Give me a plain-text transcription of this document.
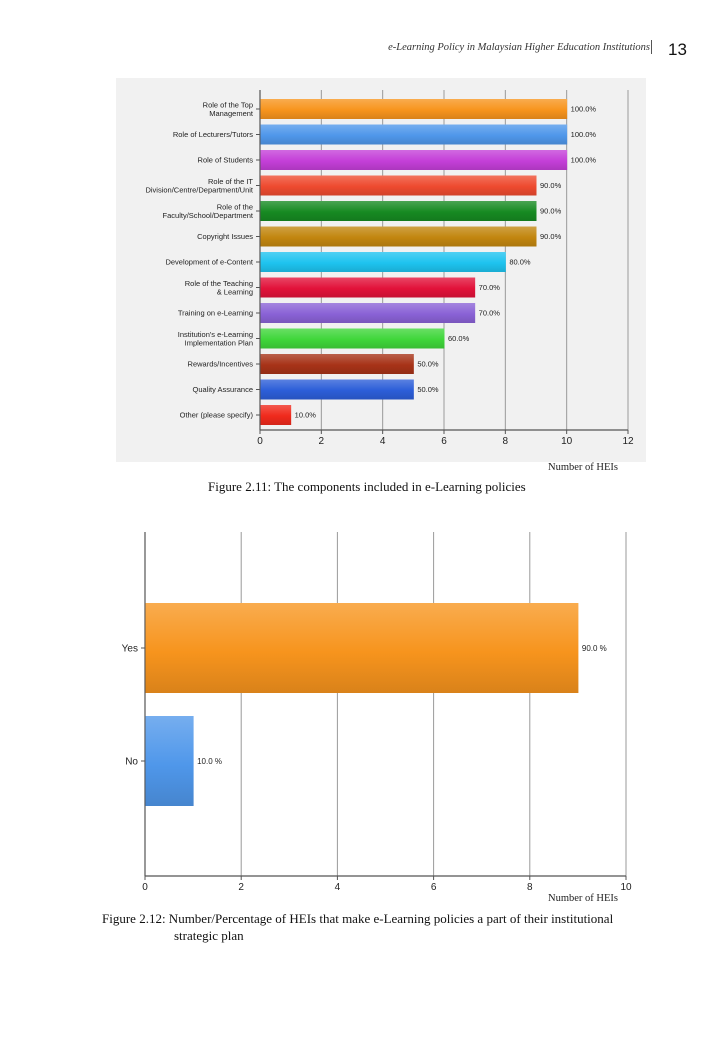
e-Learning Policy in Malaysian Higher Education Institutions 13
0	2	4	6	8	10	12
Role of the Top Management	100.0%
Role of Lecturers/Tutors	100.0%
Role of Students	100.0%
Role of the IT Division/Centre/Department/Unit	90.0%
Role of the Faculty/School/Department	90.0%
Copyright Issues	90.0%
Development of e-Content	80.0%
Role of the Teaching & Learning	70.0%
Training on e-Learning	70.0%
Institution's e-Learning Implementation Plan	60.0%
Rewards/Incentives	50.0%
Quality Assurance	50.0%
Other (please specify)	10.0%
Number of HEIs
Figure 2.11: The components included in e-Learning policies
0	2	4	6	8	10
Yes	90.0 %
No	10.0 %
Number of HEIs
Figure 2.12: Number/Percentage of HEIs that make e-Learning policies a part of their institutional
strategic plan
